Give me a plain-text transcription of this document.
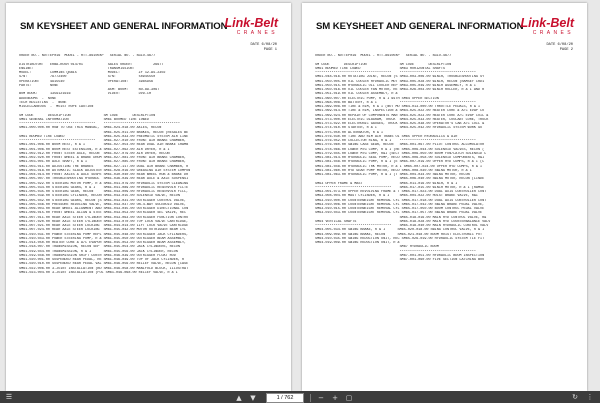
SM KEYSHEET AND GENERAL INFORMATION
Link-Belt
CRANES
DATE 6/08/20
PAGE 1
ORDER NO.- NOTTEP016  MODEL - HTT-86100XP   SERIAL NO. - N3LO-4677
DISTRIBUTOR:   ERBA-RUSH 014701            SALES ORDER:          26677
ENGINE:                                    TRANSMISSION:
MODEL:         CUMMINS QSB15               MODEL:         ZF 12-AS-2302
S/N:           79772400                    S/N:           50945550
OPERATION:     4915540                     OPERATION:     4985956
PARTS:         NONE
AXM: BOOM:     NO-89-3067
BOM BOOK:      1359121616                  VIDEO:         DVD-CH
ADDENDUMS  -  NONE
TECH BULLETINS  -  NONE
MISCELLANEOUS  -  MOIST ROPE CAUTION
SM CODE       DESCRIPTION                SM CODE       DESCRIPTION
SM61 GENERAL INFORMATION                 SM61 BOOMED TIRE LOWED
*************************************    *************************************
SM61-000-000.00 HOW TO USE THIS MANUAL,  SM61-024-018.00 AXLES, RECON
SM61-025-011.00 BRAKES, RECON (RESALES BE
SM61 BOOMED TIRE LOWED                   SM61-025-033.00 PNEUMATIC SYSTEM AIR LINE
*************************************    SM61-027-010.00 FRONT AIR BRAKE CHAMBER,
SM61-001-006.00 BOOM REST, R & I         SM61-027-054.00 REAR DUAL AIR BRAKE CHAMB
SM61-001-006.00 BOOM REST EXTENSION, R & SM61-027-062.00 AIR DRYER, R & I
SM61-002-012.00 FRONT STEER AXLE, RECON  SM61-027-079.00 AIR DRYER, RECON
SM61-002-020.00 FRONT WHEEL & BRAKE DRUM SM61-027-081.00 FRONT AIR BRAKE CHAMBER,
SM61-003-001.00 AXLE SHAFT, R & I        SM61-027-085.00 FRONT AIR BRAKE CHAMBER,
SM61-003-011.00 ADJUSTING THE BRAKES     SM61-027-117.00 DUAL AIR BRAKE CHAMBER, R
SM61-003-018.00 AUTOMATIC SLACK ADJUSTER SM61-028-016.00 GREASING AIR SYSTEM COMPON
SM61-004-014.00 FRONT AXLES & AXLE SUSPE SM61-030-040.00 REAR WHEEL HUB & BRAKE DR
SM61-005-007.00 TROUBLESHOOTING HYDRAUL  SM61-036-039.00 REAR AXLE & AXLE SUSPENSI
SM61-005-022.00 STEERING MOTOR PUMP, R & SM61-041-079.00 HYDRAULIC SYSTEM CLEANING
SM61-005-034.00 STEERING GEARS, R & I    SM61-041-089.00 HYDRAULIC RESERVOIR FILTE
SM61-005-035.00 STEERING GEAR, RECON     SM61-043-009.00 HYDRAULIC RESERVOIR FILL,
SM61-005-039.00 STEERING CYLINDER, RECON SM61-043-015.00 SOLENOID VALVE, RECON
SM61-005-042.00 STEERING GEARS, RECON (S SM61-043-031.00 OUTRIGGER CONTROL VALVE,
SM61-005-046.00 PRESSURE REDUCING VALVE, SM61-043-037.00 ON-4-WAY SOLENOID VALVE,
SM61-006-003.00 REAR WHEEL ALIGNMENT AND SM61-043-045.00 OUTRIGGER DIRECTIONAL CON
SM61-006-015.00 FRONT WHEEL ALIGN & STEE SM61-043-053.00 OUTRIGGER SEL VALVE, REC
SM61-007-011.00 REAR AXLE STEER CYLINDER SM61-043-063.00 OUTRIGGER FUNCTION CONTRO
SM61-007-020.00 REAR AXLE STEER CYLINDER SM61-043-070.00 TOP LOCK VALVE CARTRIDGE,
SM61-007-021.00 REAR AXLE STEER LOCKING  SM61-044-014.00 LIFT LOCK VALVE CARTRIDGE
SM61-007-024.00 REAR AXLE STEER LOCKING  SM61-045-042.00 MOTOR OUTRIGGER BEAM CYL
SM61-010-031.00 POWER STEERING PUMP REPL SM61-045-048.00 OUTRIGGER JACK CYLINDERS,
SM61-010-043.00 POWER STEERING PUMP, R & SM61-045-050.00 OUTRIGGER BEAM ASSEMBLY,
SM61-014-050.00 HEATER CORE & A/C EVAPOR SM61-045-053.00 OUTRIGGER BEAM ASSEMBLY,
SM61-018-007.00 TRANSMISSION, RECON SEP  SM61-045-054.00 JACK CYLINDERS, RECON
SM61-019-044.00 TRANSMISSION, R & I      SM61-045-056.00 JACK CYLINDER, RECON
SM61-019-048.00 TRANSMISSION SHIFT CONTR SM61-046-039.00 OUTRIGGER FLOAT ROD
SM61-020-001.00 SUSPENDED REAR PEDAL, RE SM61-046-049.00 TOP OF JACK CYLINDER, R
SM61-020-010.00 SUSPENDED REAR PEDAL VAL SM61-046-056.00 RELIEF VALVE, RECON (CASE
SM61-022-006.00 3-JOINT INSTALLATION (BO SM61-046-058.00 MANIFOLD BLOCK, ILLUSTRAT
SM61-023-004.00 3-JOINT INSTALLATION (FUL SM61-046-068.00 RELIEF VALVE, R & I
SM KEYSHEET AND GENERAL INFORMATION
Link-Belt
CRANES
DATE 6/08/20
PAGE 2
ORDER NO.- NOTTEP016  MODEL - HTT-86100XP   SERIAL NO. - N3LO-4677
SM CODE       DESCRIPTION                SM CODE       DESCRIPTION
SM61 BOOMED TIRE LOWED                   SM63 HORIZONTAL SHAFTS
*************************************    *************************************
SM61-048-016.00 ROTATING JOINT, RECON (5 SM63-003-006.00 WINCH, TROUBLESHOOTING SY
SM61-050-005.00 OIL COOLER HYDRAULIC MOT SM63-005-028.00 WINCH, RECON (RAMSEY CRD1
SM61-050-015.00 HYDRAULIC OIL COOLER REP SM63-005-049.00 WINCH ASSEMBLY, R & I
SM61-050-016.00 OIL COOLER FAN MOTOR, RE SM63-026-003.00 WINCH ROLLER, R & I AND R
SM61-051-019.00 OIL COOLER ASSEMBLY, R &
SM61-060-007.00 ELECTRIC PUMP, R & I WITH SM64 UPPER SECTION
SM61-068-008.00 BATTERY, R & I           *************************************
SM61-069-008.00 TIRE & RIM, R & I (NOT MO SM64-013-000.00 THROTTLE PEDALS, R & I
SM61-069-014.00 TIRE & RIM, INSPECTION & SM64-025-022.00 HEATER CORE & A/C EVAP CO
SM61-069-024.00 REPAIR OF COMPONENTS MAR SM64-025-023.00 HEATER CORE A/C EVAP COIL &
SM61-073-000.00 ELECTRIC DIAGRAM, TRUCK  SM64-025-033.00 HEATER, COOLANT CORE, TRUCK
SM61-073-022.00 ELECTRONIC GAUGES, TRUCK SM64-025-038.00 OPERATOR'S CAB A/C COIL &
SM61-074-010.00 STARTER, R & I           SM64-025-042.00 HYDRAULIC SYSTEM WORK GU
SM61-075-050.00 ALTERNATOR, R & I
SM61-076-030.00 TIRE AND RIM AIR TRANS OI SM65 UPPER HYDRAULICS & AIR
SM61-076-052.00 COLLECTOR RING, R & I    *************************************
SM61-076-060.00 SWING CASE GEAR, RECON   SM65-001-067.00 PILOT CONTROL ACCUMULATOR
SM61-078-066.00 LOWER MTG COMP, R & I (RE SM65-006-044.00 SOLENOID VALVES, RECON (
SM61-079-045.00 LOWER MTG COMP, R&I (SECT SM65-006-050.00 BOOM FUN/LATCH SOLENOID C
SM61-081-014.00 HYDRAULIC SEAL PUMP, RECO SM65-006-058.00 SOLENOID COMPONENTS, R&I
SM61-081-048.00 HYDRAULIC PUMP, R & I (E SM65-007-019.00 UPPER HYD COMPS, R & I (C
SM61-081-048.00 HYDRAULIC TRK MOTOR, R & I SM65-007-024.00 UPPER HYD COMPS, R & I
SM61-081-060.00 HYD GEAR PUMP MOTOR, RECO SM65-008-030.00 SWING MOTOR, R & I
SM61-081-063.00 HYDRAULIC PUMP, R & I (T SM65-004-034.00 SWING MOTOR, RECON
SM65-006-040.00 SWING MOTOR, RECON (LINDE
SM63 UPPER FRAME & MAST                  SM65-011-016.00 WINCH, R & I
*************************************    SM65-017-015.00 WINCH MOTOR, R & I (RAMSE
SM63-001-073.00 UPPER REVOLVING FRAME & T SM65-017-023.00 DUAL AXIS CONTROLLER CONT
SM63-008-004.00 MAST CYLINDER, R & I     SM65-004-022.00 HOIST BRAKE VALVE, R&I
SM63-010-000.00 COUNTERWEIGHT REMOVAL CYL SM65-017-018.00 DUAL AXIS CONTROLLER CONT
SM63-010-006.00 COUNTERWEIGHT REMOVAL CYL SM65-017-042.00 SWING BRAKE PEDAL VALVE,
SM63-010-015.00 COUNTERWEIGHT REMOVAL CYL SM65-017-050.00 BOOM CONTROL PEDAL VALVE
SM63-010-043.00 COUNTERWEIGHT REMOVAL CYL SM65-017-057.00 SWING BRAKE PEDAL VALVE
SM65-018-016.00 MAIN HYD CONTROL VALVE, R&
SM64 VERTICAL SHAFTS                     SM65-018-028.00 MAIN HYD COUNTERBALANCE VALV
*************************************    SM65-018-040.00 MAIN HYDRAULIC CONTROL VALV
SM64-005-034.00 SWING BRAKE, R & I      SM65-020-018.00 SWING CONTROL VALVE, R & I
SM64-009-009.00 SWING BRAKE, RECON      SM65-021-048.00 BOOM HOIST ELECTRONIC POT
SM64-010-035.00 SWING REDUCTION UNIT, REC SM65-026-019.00 HYDRAULIC SYSTEM TIE FIT
SM64-019-009.00 SWING REDUCTION UNIT, R &
SM67 HYDRAULIC BOOM
*************************************
SM67-001-051.00 HYDRAULIC BOOM INSPECTION
SM67-001-060.00 FIVE SECTION LATCHING BOO
☰	▲	▼	1 / 762	− + ▢	↻ ⋮
